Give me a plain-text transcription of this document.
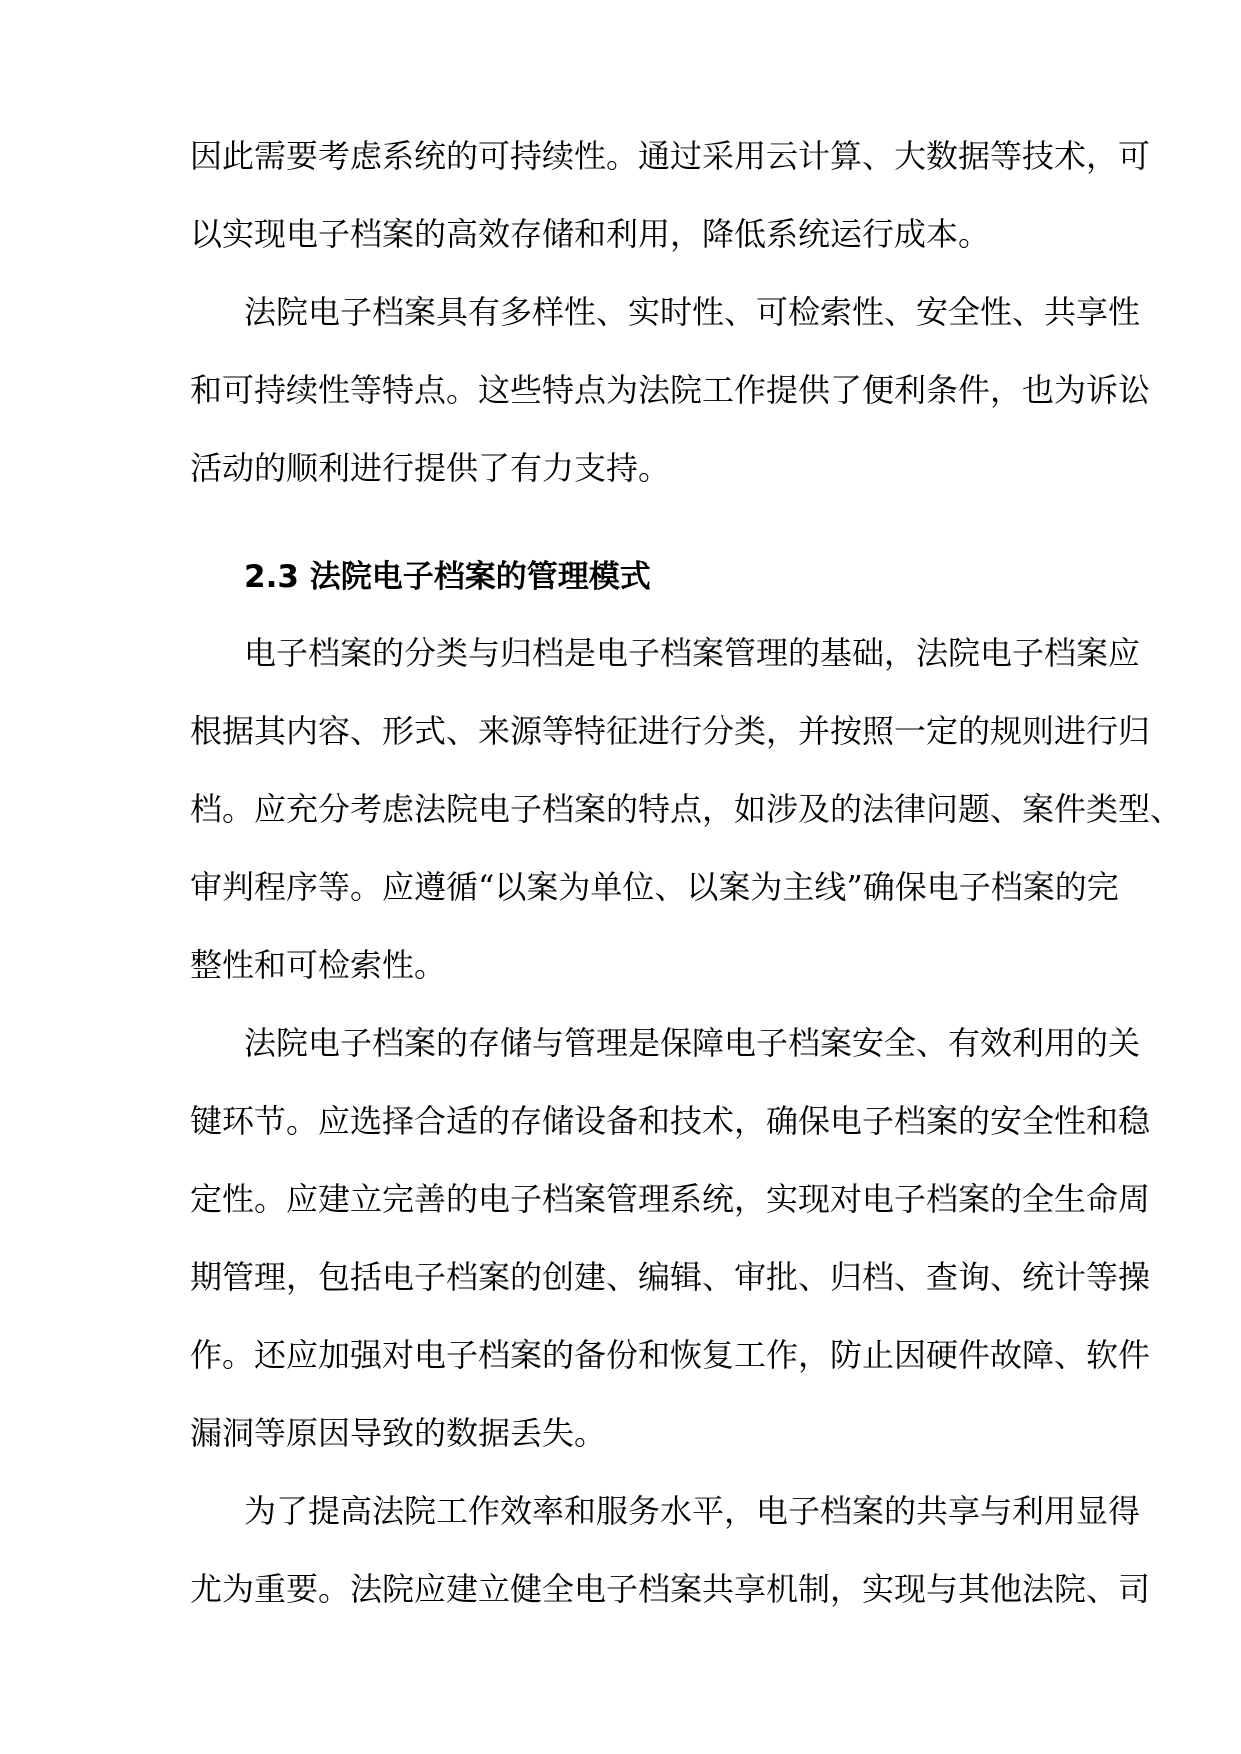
因此需要考虑系统的可持续性。通过采用云计算、大数据等技术，可
以实现电子档案的高效存储和利用，降低系统运行成本。
法院电子档案具有多样性、实时性、可检索性、安全性、共享性
和可持续性等特点。这些特点为法院工作提供了便利条件，也为诉讼
活动的顺利进行提供了有力支持。
2.3 法院电子档案的管理模式
电子档案的分类与归档是电子档案管理的基础，法院电子档案应
根据其内容、形式、来源等特征进行分类，并按照一定的规则进行归
档。应充分考虑法院电子档案的特点，如涉及的法律问题、案件类型、
审判程序等。应遵循“以案为单位、以案为主线”确保电子档案的完
整性和可检索性。
法院电子档案的存储与管理是保障电子档案安全、有效利用的关
键环节。应选择合适的存储设备和技术，确保电子档案的安全性和稳
定性。应建立完善的电子档案管理系统，实现对电子档案的全生命周
期管理，包括电子档案的创建、编辑、审批、归档、查询、统计等操
作。还应加强对电子档案的备份和恢复工作，防止因硬件故障、软件
漏洞等原因导致的数据丢失。
为了提高法院工作效率和服务水平，电子档案的共享与利用显得
尤为重要。法院应建立健全电子档案共享机制，实现与其他法院、司
